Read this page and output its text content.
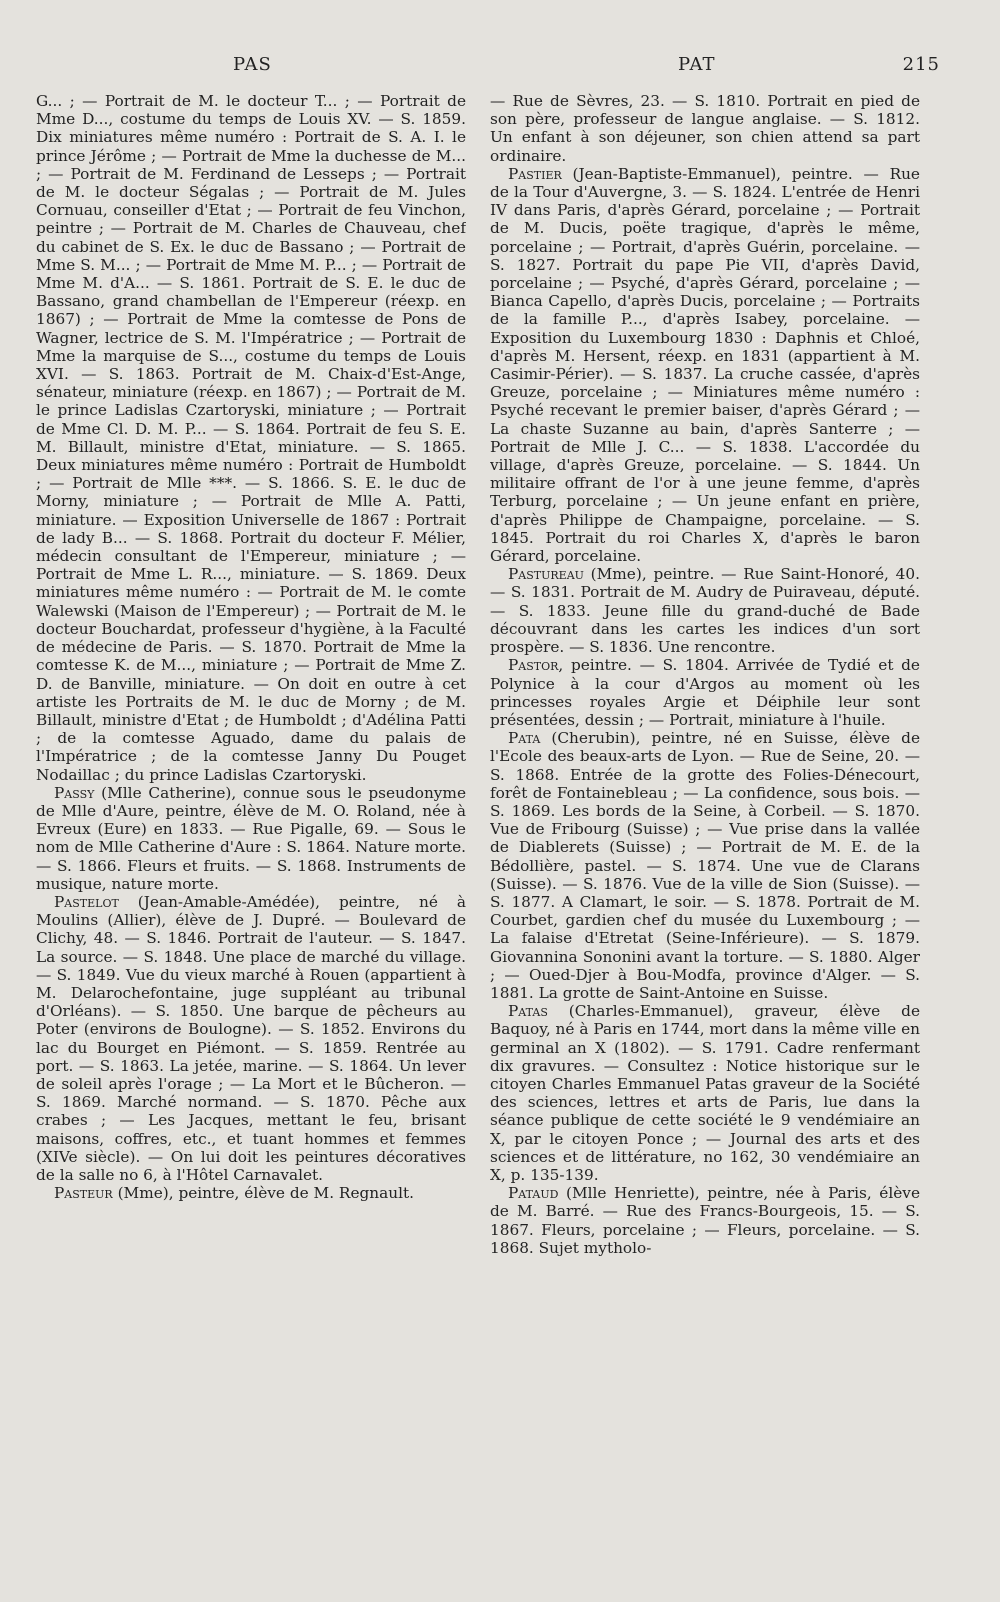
PAS	PAT	215

G... ; — Portrait de M. le docteur T... ; — Portrait de Mme D..., costume du temps de Louis XV. — S. 1859. Dix miniatures même numéro : Portrait de S. A. I. le prince Jérôme ; — Portrait de Mme la duchesse de M... ; — Portrait de M. Ferdinand de Lesseps ; — Portrait de M. le docteur Ségalas ; — Portrait de M. Jules Cornuau, conseiller d'Etat ; — Portrait de feu Vinchon, peintre ; — Portrait de M. Charles de Chauveau, chef du cabinet de S. Ex. le duc de Bassano ; — Portrait de Mme S. M... ; — Portrait de Mme M. P... ; — Portrait de Mme M. d'A... — S. 1861. Portrait de S. E. le duc de Bassano, grand chambellan de l'Empereur (réexp. en 1867) ; — Portrait de Mme la comtesse de Pons de Wagner, lectrice de S. M. l'Impératrice ; — Portrait de Mme la marquise de S..., costume du temps de Louis XVI. — S. 1863. Portrait de M. Chaix-d'Est-Ange, sénateur, miniature (réexp. en 1867) ; — Portrait de M. le prince Ladislas Czartoryski, miniature ; — Portrait de Mme Cl. D. M. P... — S. 1864. Portrait de feu S. E. M. Billault, ministre d'Etat, miniature. — S. 1865. Deux miniatures même numéro : Portrait de Humboldt ; — Portrait de Mlle ***. — S. 1866. S. E. le duc de Morny, miniature ; — Portrait de Mlle A. Patti, miniature. — Exposition Universelle de 1867 : Portrait de lady B... — S. 1868. Portrait du docteur F. Mélier, médecin consultant de l'Empereur, miniature ; — Portrait de Mme L. R..., miniature. — S. 1869. Deux miniatures même numéro : — Portrait de M. le comte Walewski (Maison de l'Empereur) ; — Portrait de M. le docteur Bouchardat, professeur d'hygiène, à la Faculté de médecine de Paris. — S. 1870. Portrait de Mme la comtesse K. de M..., miniature ; — Portrait de Mme Z. D. de Banville, miniature. — On doit en outre à cet artiste les Portraits de M. le duc de Morny ; de M. Billault, ministre d'Etat ; de Humboldt ; d'Adélina Patti ; de la comtesse Aguado, dame du palais de l'Impératrice ; de la comtesse Janny Du Pouget Nodaillac ; du prince Ladislas Czartoryski.

Passy (Mlle Catherine), connue sous le pseudonyme de Mlle d'Aure, peintre, élève de M. O. Roland, née à Evreux (Eure) en 1833. — Rue Pigalle, 69. — Sous le nom de Mlle Catherine d'Aure : S. 1864. Nature morte. — S. 1866. Fleurs et fruits. — S. 1868. Instruments de musique, nature morte.

Pastelot (Jean-Amable-Amédée), peintre, né à Moulins (Allier), élève de J. Dupré. — Boulevard de Clichy, 48. — S. 1846. Portrait de l'auteur. — S. 1847. La source. — S. 1848. Une place de marché du village. — S. 1849. Vue du vieux marché à Rouen (appartient à M. Delarochefontaine, juge suppléant au tribunal d'Orléans). — S. 1850. Une barque de pêcheurs au Poter (environs de Boulogne). — S. 1852. Environs du lac du Bourget en Piémont. — S. 1859. Rentrée au port. — S. 1863. La jetée, marine. — S. 1864. Un lever de soleil après l'orage ; — La Mort et le Bûcheron. — S. 1869. Marché normand. — S. 1870. Pêche aux crabes ; — Les Jacques, mettant le feu, brisant maisons, coffres, etc., et tuant hommes et femmes (XIVe siècle). — On lui doit les peintures décoratives de la salle no 6, à l'Hôtel Carnavalet.

Pasteur (Mme), peintre, élève de M. Regnault.

— Rue de Sèvres, 23. — S. 1810. Portrait en pied de son père, professeur de langue anglaise. — S. 1812. Un enfant à son déjeuner, son chien attend sa part ordinaire.

Pastier (Jean-Baptiste-Emmanuel), peintre. — Rue de la Tour d'Auvergne, 3. — S. 1824. L'entrée de Henri IV dans Paris, d'après Gérard, porcelaine ; — Portrait de M. Ducis, poëte tragique, d'après le même, porcelaine ; — Portrait, d'après Guérin, porcelaine. — S. 1827. Portrait du pape Pie VII, d'après David, porcelaine ; — Psyché, d'après Gérard, porcelaine ; — Bianca Capello, d'après Ducis, porcelaine ; — Portraits de la famille P..., d'après Isabey, porcelaine. — Exposition du Luxembourg 1830 : Daphnis et Chloé, d'après M. Hersent, réexp. en 1831 (appartient à M. Casimir-Périer). — S. 1837. La cruche cassée, d'après Greuze, porcelaine ; — Miniatures même numéro : Psyché recevant le premier baiser, d'après Gérard ; — La chaste Suzanne au bain, d'après Santerre ; — Portrait de Mlle J. C... — S. 1838. L'accordée du village, d'après Greuze, porcelaine. — S. 1844. Un militaire offrant de l'or à une jeune femme, d'après Terburg, porcelaine ; — Un jeune enfant en prière, d'après Philippe de Champaigne, porcelaine. — S. 1845. Portrait du roi Charles X, d'après le baron Gérard, porcelaine.

Pastureau (Mme), peintre. — Rue Saint-Honoré, 40. — S. 1831. Portrait de M. Audry de Puiraveau, député. — S. 1833. Jeune fille du grand-duché de Bade découvrant dans les cartes les indices d'un sort prospère. — S. 1836. Une rencontre.

Pastor, peintre. — S. 1804. Arrivée de Tydié et de Polynice à la cour d'Argos au moment où les princesses royales Argie et Déiphile leur sont présentées, dessin ; — Portrait, miniature à l'huile.

Pata (Cherubin), peintre, né en Suisse, élève de l'Ecole des beaux-arts de Lyon. — Rue de Seine, 20. — S. 1868. Entrée de la grotte des Folies-Dénecourt, forêt de Fontainebleau ; — La confidence, sous bois. — S. 1869. Les bords de la Seine, à Corbeil. — S. 1870. Vue de Fribourg (Suisse) ; — Vue prise dans la vallée de Diablerets (Suisse) ; — Portrait de M. E. de la Bédollière, pastel. — S. 1874. Une vue de Clarans (Suisse). — S. 1876. Vue de la ville de Sion (Suisse). — S. 1877. A Clamart, le soir. — S. 1878. Portrait de M. Courbet, gardien chef du musée du Luxembourg ; — La falaise d'Etretat (Seine-Inférieure). — S. 1879. Giovannina Sononini avant la torture. — S. 1880. Alger ; — Oued-Djer à Bou-Modfa, province d'Alger. — S. 1881. La grotte de Saint-Antoine en Suisse.

Patas (Charles-Emmanuel), graveur, élève de Baquoy, né à Paris en 1744, mort dans la même ville en germinal an X (1802). — S. 1791. Cadre renfermant dix gravures. — Consultez : Notice historique sur le citoyen Charles Emmanuel Patas graveur de la Société des sciences, lettres et arts de Paris, lue dans la séance publique de cette société le 9 vendémiaire an X, par le citoyen Ponce ; — Journal des arts et des sciences et de littérature, no 162, 30 vendémiaire an X, p. 135-139.

Pataud (Mlle Henriette), peintre, née à Paris, élève de M. Barré. — Rue des Francs-Bourgeois, 15. — S. 1867. Fleurs, porcelaine ; — Fleurs, porcelaine. — S. 1868. Sujet mytholo-
